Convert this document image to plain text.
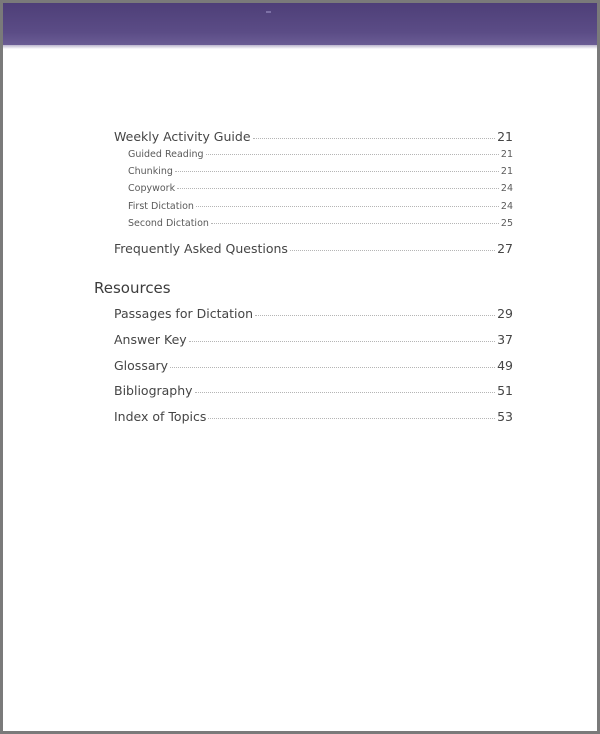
Weekly Activity Guide	21
Guided Reading	21
Chunking	21
Copywork	24
First Dictation	24
Second Dictation	25
Frequently Asked Questions	27
Resources
Passages for Dictation	29
Answer Key	37
Glossary	49
Bibliography	51
Index of Topics	53
